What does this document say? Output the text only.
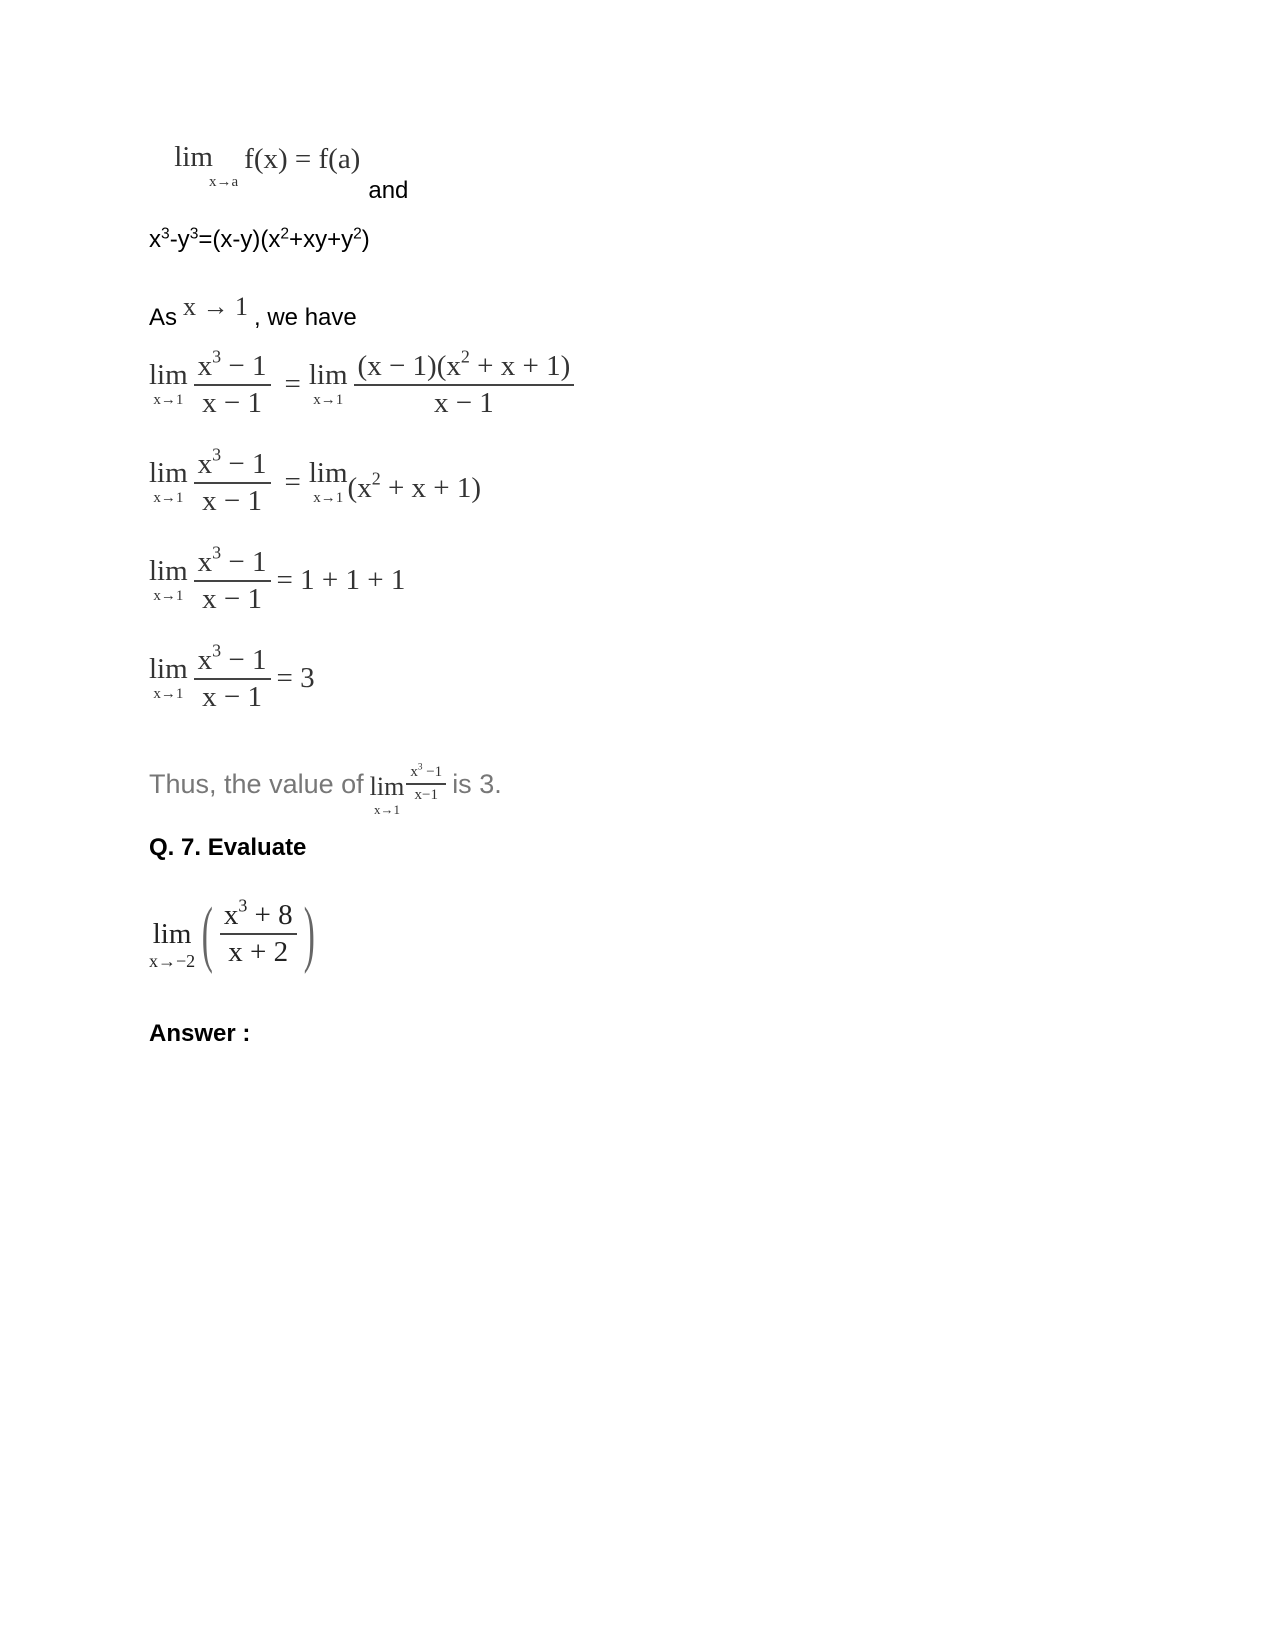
lim
x→a
f(x) = f(a)
and
$x^3-y^3=(x-y)(x^2+xy+y^2)$
As x → 1 , we have
lim
$x\to 1 \frac{x^3 - 1}{x - 1} = \lim$
$x\to 1 \frac{(x - 1)(x^2 + x + 1)}{x - 1}$
lim
$x\to 1 \frac{x^3 - 1}{x - 1} = \lim$
x→1 $(x^2 + x + 1)$
lim
$x\to 1 \frac{x^3 - 1}{x - 1} = 1 + 1 + 1$
lim
$x\to 1 \frac{x^3 - 1}{x - 1} = 3$
Thus, the value of lim
x→1
$\frac{x^3 -1}{x-1}$ is 3.
Q. 7. Evaluate
lim
x→−2 ( $\frac{x^3 + 8}{x + 2}$ )
Answer :
